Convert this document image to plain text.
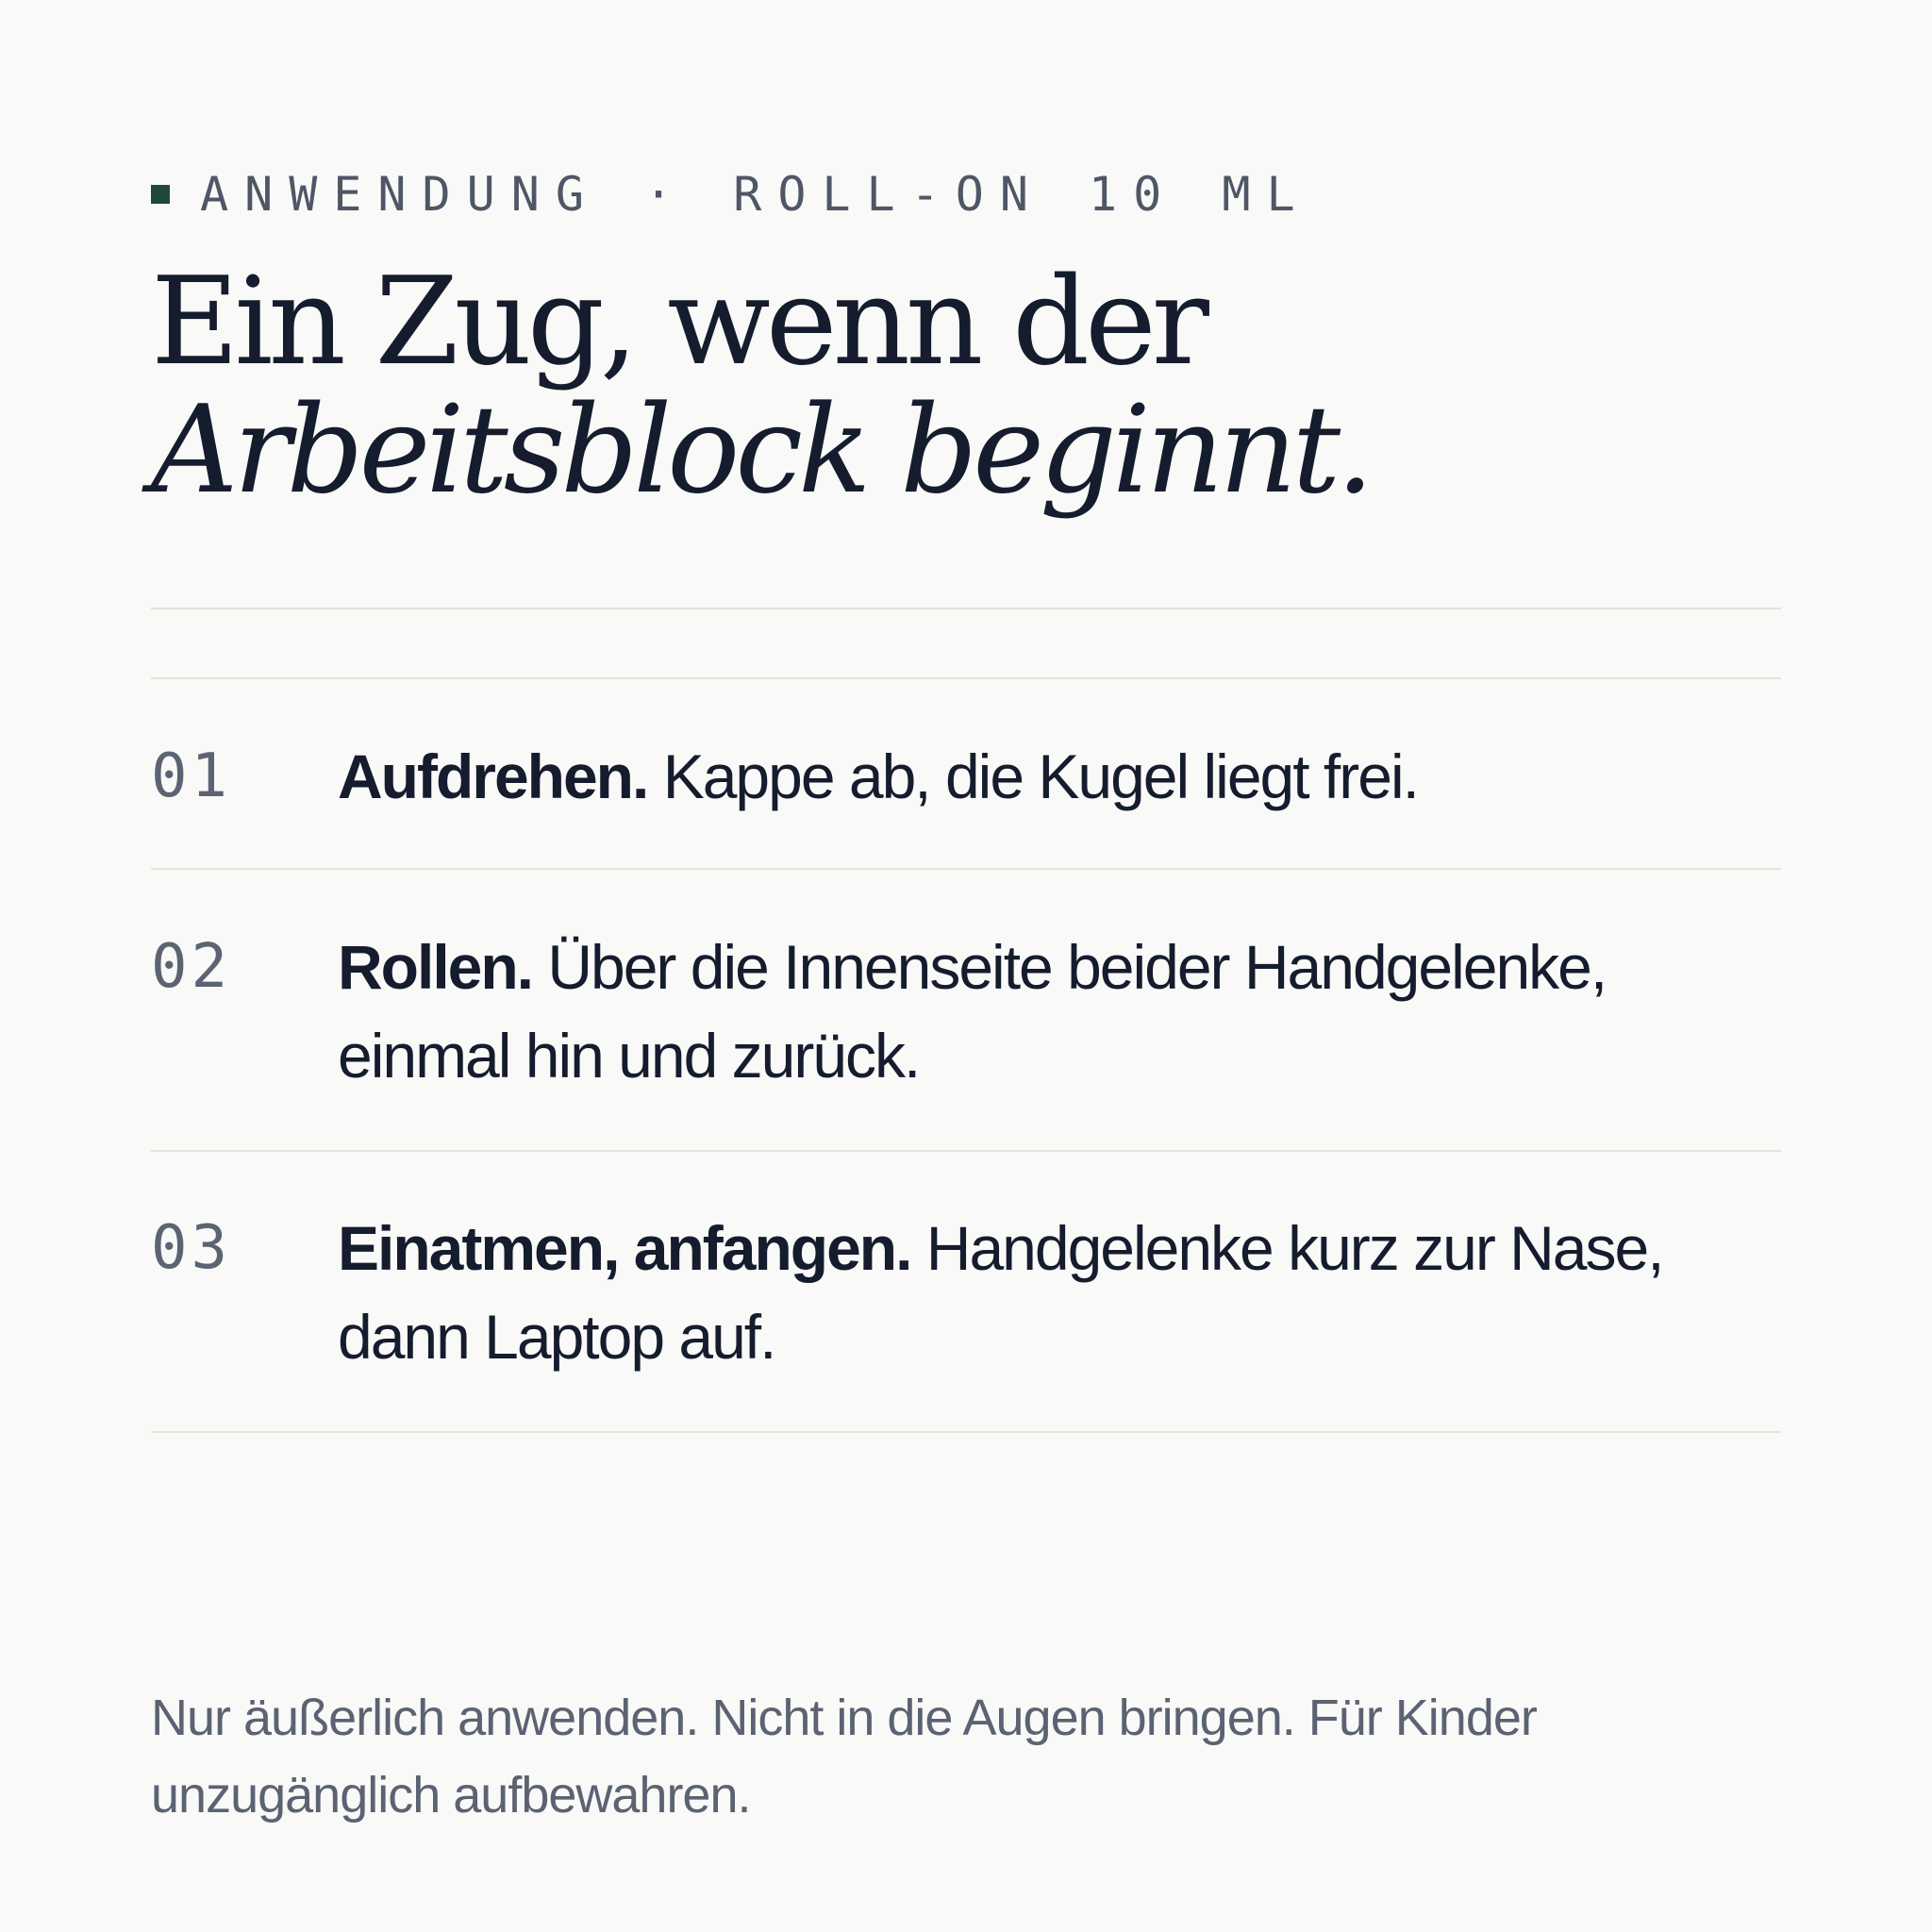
ANWENDUNG · ROLL-ON 10 ML
Ein Zug, wenn der
Arbeitsblock beginnt.
01 Aufdrehen. Kappe ab, die Kugel liegt frei.
02 Rollen. Über die Innenseite beider Handgelenke, einmal hin und zurück.
03 Einatmen, anfangen. Handgelenke kurz zur Nase, dann Laptop auf.

Nur äußerlich anwenden. Nicht in die Augen bringen. Für Kinder unzugänglich aufbewahren.
